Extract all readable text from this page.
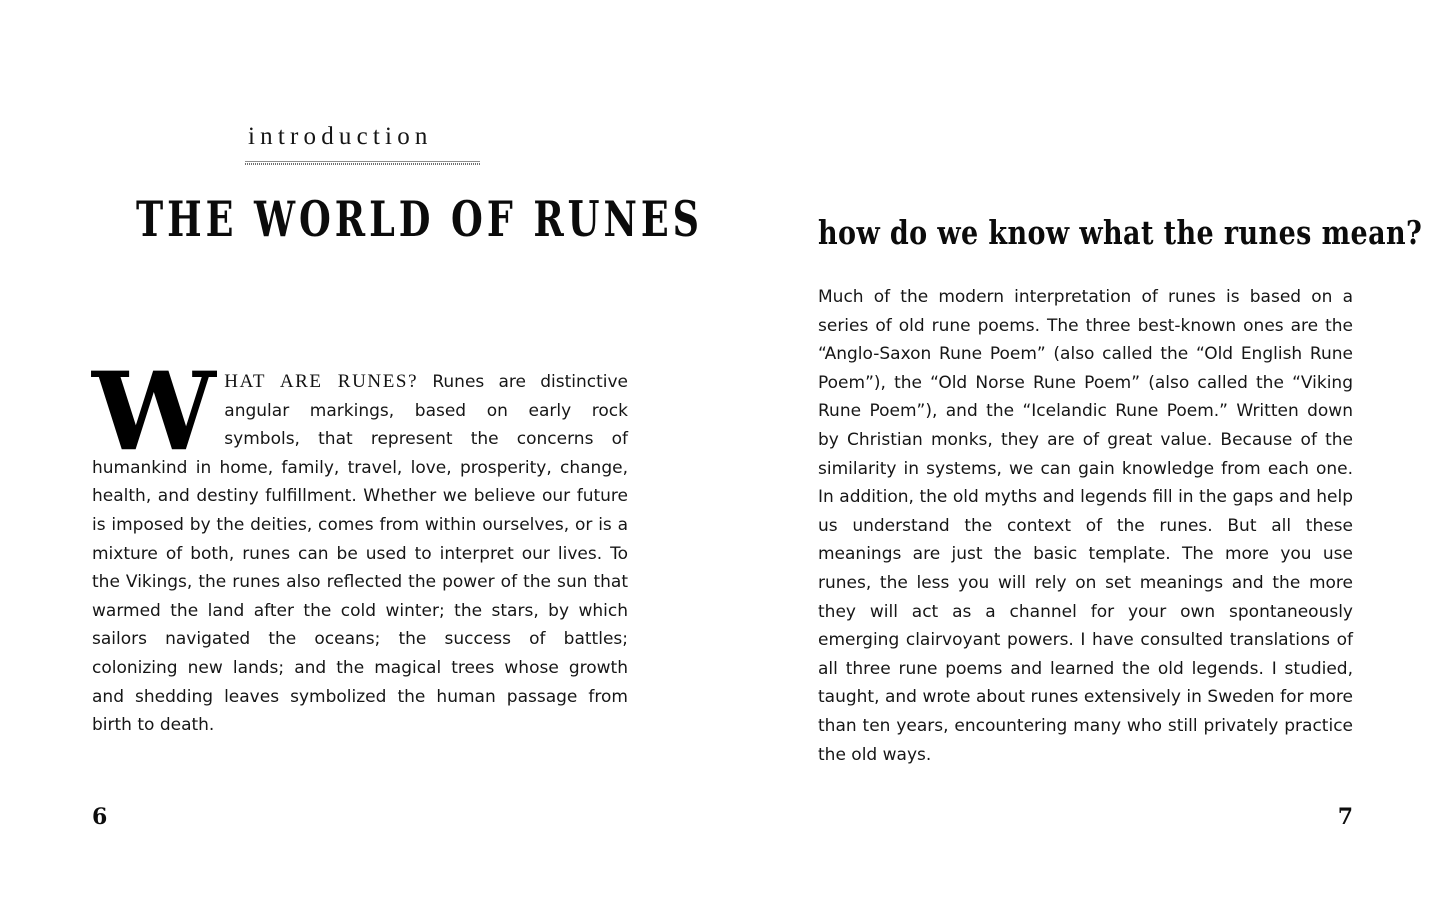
introduction
THE WORLD OF RUNES
WHAT ARE RUNES? Runes are distinctive angular markings, based on early rock symbols, that represent the concerns of humankind in home, family, travel, love, prosperity, change, health, and destiny fulfillment. Whether we believe our future is imposed by the deities, comes from within ourselves, or is a mixture of both, runes can be used to interpret our lives. To the Vikings, the runes also reflected the power of the sun that warmed the land after the cold winter; the stars, by which sailors navigated the oceans; the success of battles; colonizing new lands; and the magical trees whose growth and shedding leaves symbolized the human passage from birth to death.
6
how do we know what the runes mean?
Much of the modern interpretation of runes is based on a series of old rune poems. The three best-known ones are the “Anglo-Saxon Rune Poem” (also called the “Old English Rune Poem”), the “Old Norse Rune Poem” (also called the “Viking Rune Poem”), and the “Icelandic Rune Poem.” Written down by Christian monks, they are of great value. Because of the similarity in systems, we can gain knowledge from each one. In addition, the old myths and legends fill in the gaps and help us understand the context of the runes. But all these meanings are just the basic template. The more you use runes, the less you will rely on set meanings and the more they will act as a channel for your own spontaneously emerging clairvoyant powers. I have consulted translations of all three rune poems and learned the old legends. I studied, taught, and wrote about runes extensively in Sweden for more than ten years, encountering many who still privately practice the old ways.
7
